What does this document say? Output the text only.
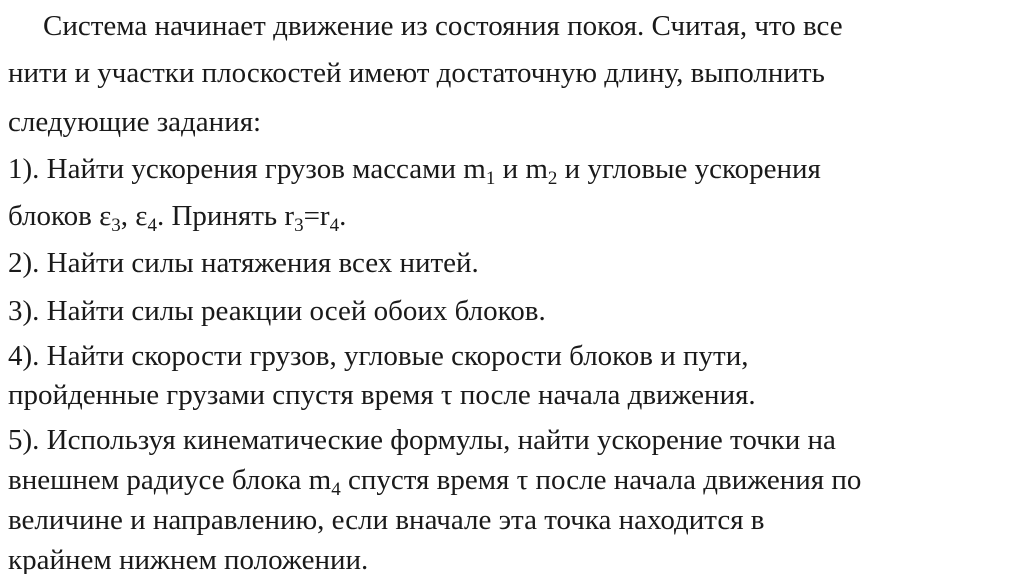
Система начинает движение из состояния покоя. Считая, что все
нити и участки плоскостей имеют достаточную длину, выполнить
следующие задания:
1). Найти ускорения грузов массами $m_1$ и $m_2$ и угловые ускорения
блоков $\varepsilon_3$, $\varepsilon_4$. Принять $r_3=r_4$.
2). Найти силы натяжения всех нитей.
3). Найти силы реакции осей обоих блоков.
4). Найти скорости грузов, угловые скорости блоков и пути,
пройденные грузами спустя время τ после начала движения.
5). Используя кинематические формулы, найти ускорение точки на
внешнем радиусе блока $m_4$ спустя время τ после начала движения по
величине и направлению, если вначале эта точка находится в
крайнем нижнем положении.
